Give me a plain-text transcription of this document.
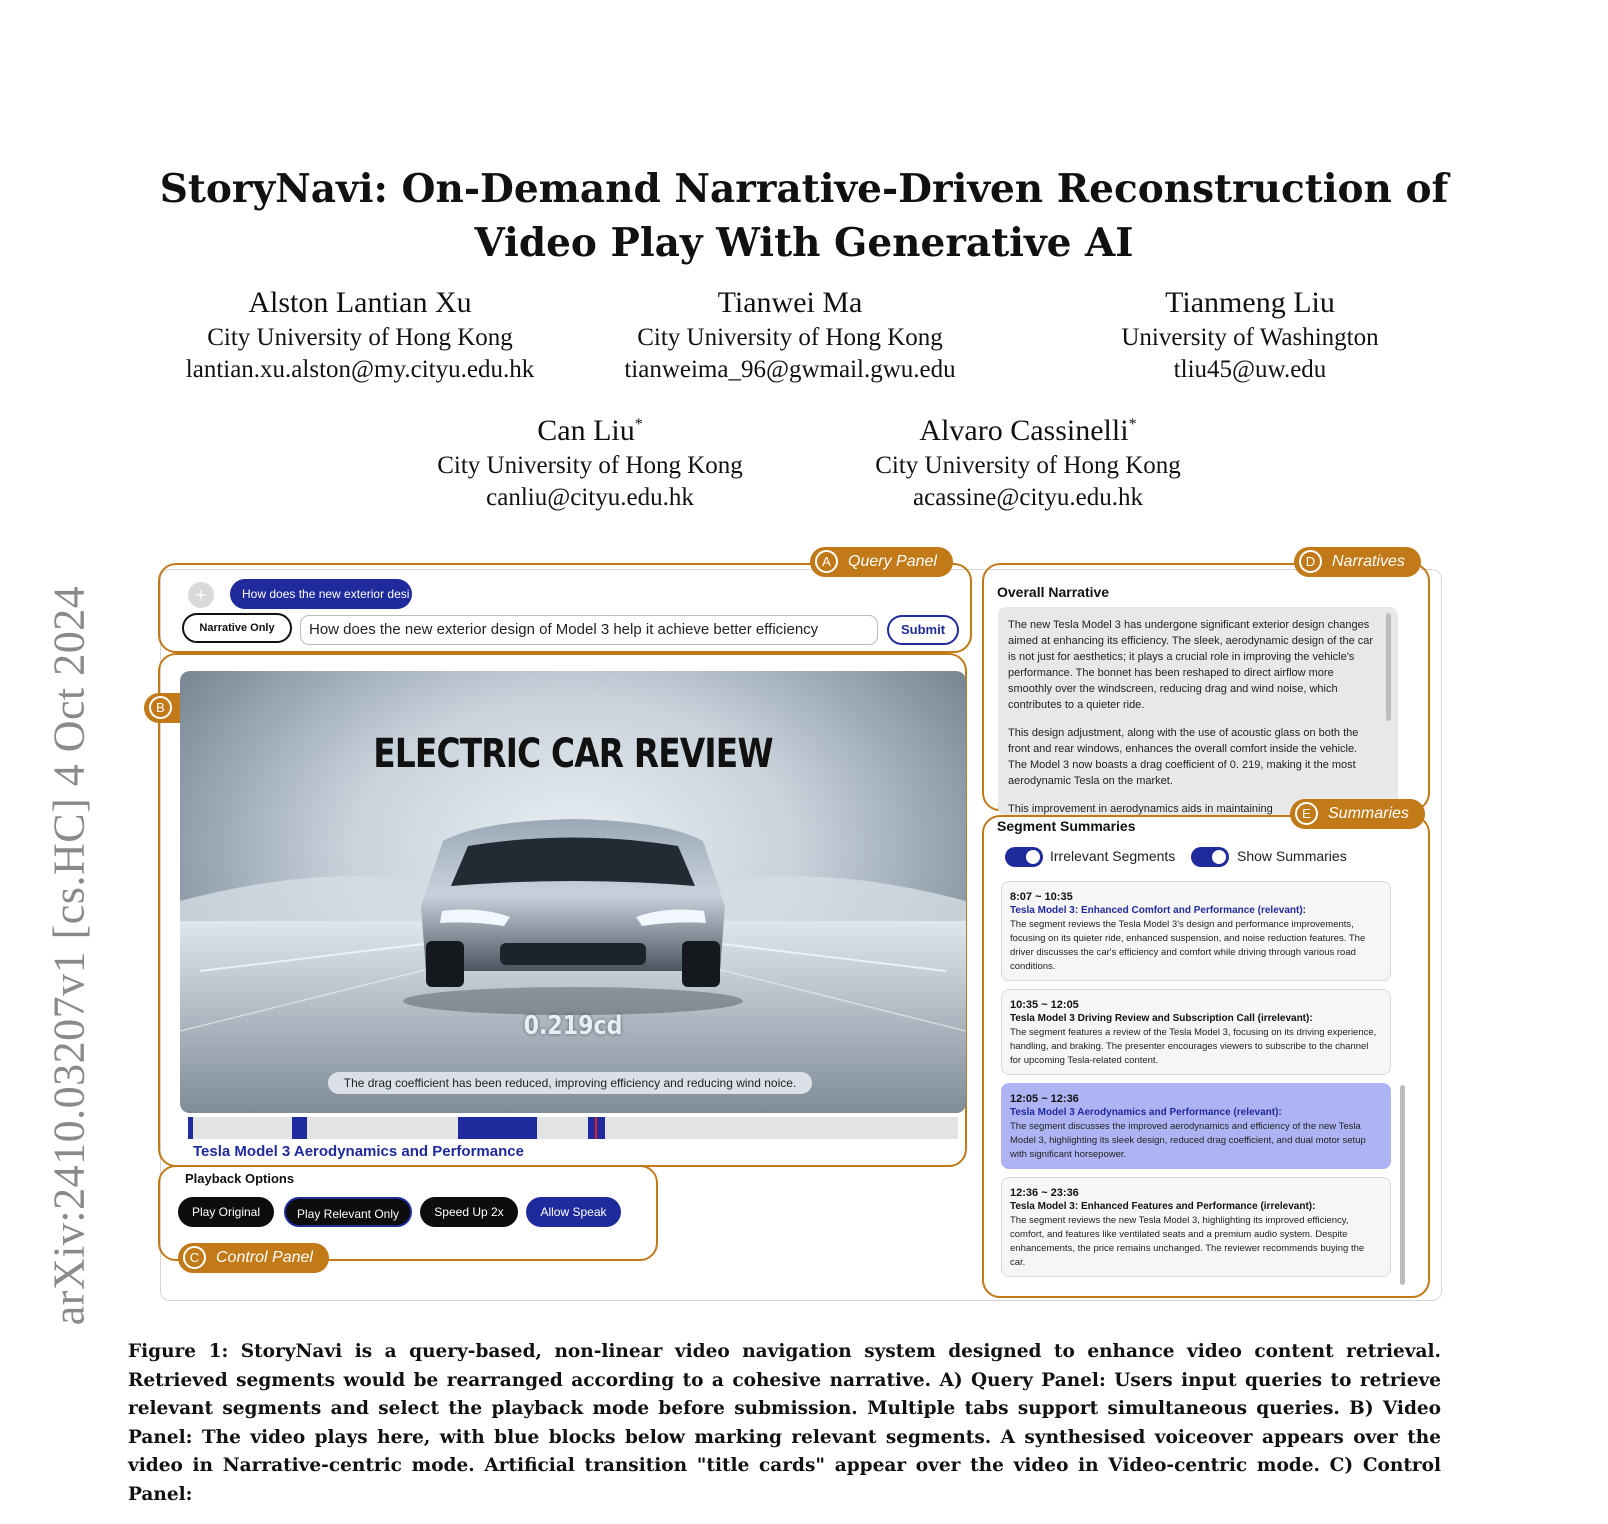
arXiv:2410.03207v1 [cs.HC] 4 Oct 2024
StoryNavi: On-Demand Narrative-Driven Reconstruction of
Video Play With Generative AI
Alston Lantian Xu
City University of Hong Kong
lantian.xu.alston@my.cityu.edu.hk
Tianwei Ma
City University of Hong Kong
tianweima_96@gwmail.gwu.edu
Tianmeng Liu
University of Washington
tliu45@uw.edu
Can Liu*
City University of Hong Kong
canliu@cityu.edu.hk
Alvaro Cassinelli*
City University of Hong Kong
acassine@cityu.edu.hk
A	Query Panel
+	How does the new exterior desi
Narrative Only	How does the new exterior design of Model 3 help it achieve better efficiency	Submit
B
ELECTRIC CAR REVIEW
0.219cd
The drag coefficient has been reduced, improving efficiency and reducing wind noice.
Tesla Model 3 Aerodynamics and Performance
C	Control Panel
Playback Options
Play Original	Play Relevant Only	Speed Up 2x	Allow Speak
D	Narratives
Overall Narrative

The new Tesla Model 3 has undergone significant exterior design changes aimed at enhancing its efficiency. The sleek, aerodynamic design of the car is not just for aesthetics; it plays a crucial role in improving the vehicle's performance. The bonnet has been reshaped to direct airflow more smoothly over the windscreen, reducing drag and wind noise, which contributes to a quieter ride.

This design adjustment, along with the use of acoustic glass on both the front and rear windows, enhances the overall comfort inside the vehicle. The Model 3 now boasts a drag coefficient of 0. 219, making it the most aerodynamic Tesla on the market.

This improvement in aerodynamics aids in maintaining	E	Summaries
Segment Summaries
Irrelevant Segments	Show Summaries
8:07 ~ 10:35
Tesla Model 3: Enhanced Comfort and Performance (relevant):
The segment reviews the Tesla Model 3's design and performance improvements, focusing on its quieter ride, enhanced suspension, and noise reduction features. The driver discusses the car's efficiency and comfort while driving through various road conditions.
10:35 ~ 12:05
Tesla Model 3 Driving Review and Subscription Call (irrelevant):
The segment features a review of the Tesla Model 3, focusing on its driving experience, handling, and braking. The presenter encourages viewers to subscribe to the channel for upcoming Tesla-related content.
12:05 ~ 12:36
Tesla Model 3 Aerodynamics and Performance (relevant):
The segment discusses the improved aerodynamics and efficiency of the new Tesla Model 3, highlighting its sleek design, reduced drag coefficient, and dual motor setup with significant horsepower.
12:36 ~ 23:36
Tesla Model 3: Enhanced Features and Performance (irrelevant):
The segment reviews the new Tesla Model 3, highlighting its improved efficiency, comfort, and features like ventilated seats and a premium audio system. Despite enhancements, the price remains unchanged. The reviewer recommends buying the car.
Figure 1: StoryNavi is a query-based, non-linear video navigation system designed to enhance video content retrieval. Retrieved segments would be rearranged according to a cohesive narrative. A) Query Panel: Users input queries to retrieve relevant segments and select the playback mode before submission. Multiple tabs support simultaneous queries. B) Video Panel: The video plays here, with blue blocks below marking relevant segments. A synthesised voiceover appears over the video in Narrative-centric mode. Artificial transition "title cards" appear over the video in Video-centric mode. C) Control Panel:
